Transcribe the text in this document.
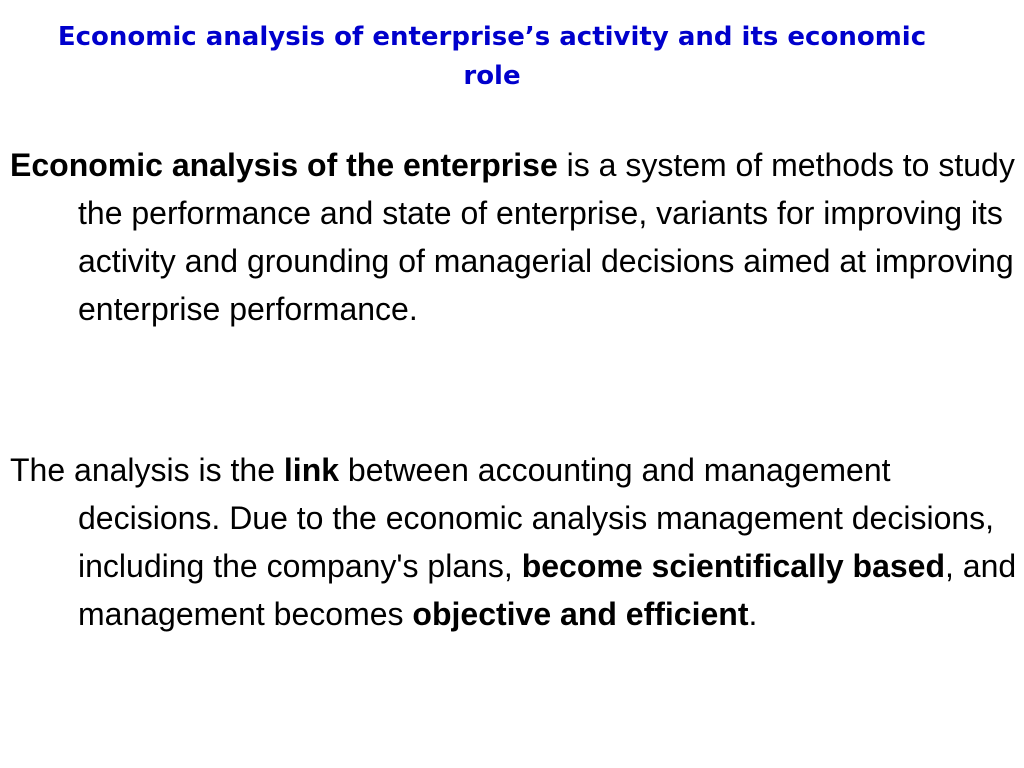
Economic analysis of enterprise’s activity and its economic role

Economic analysis of the enterprise is a system of methods to study the performance and state of enterprise, variants for improving its activity and grounding of managerial decisions aimed at improving enterprise performance.

The analysis is the link between accounting and management decisions. Due to the economic analysis management decisions, including the company's plans, become scientifically based, and management becomes objective and efficient.
